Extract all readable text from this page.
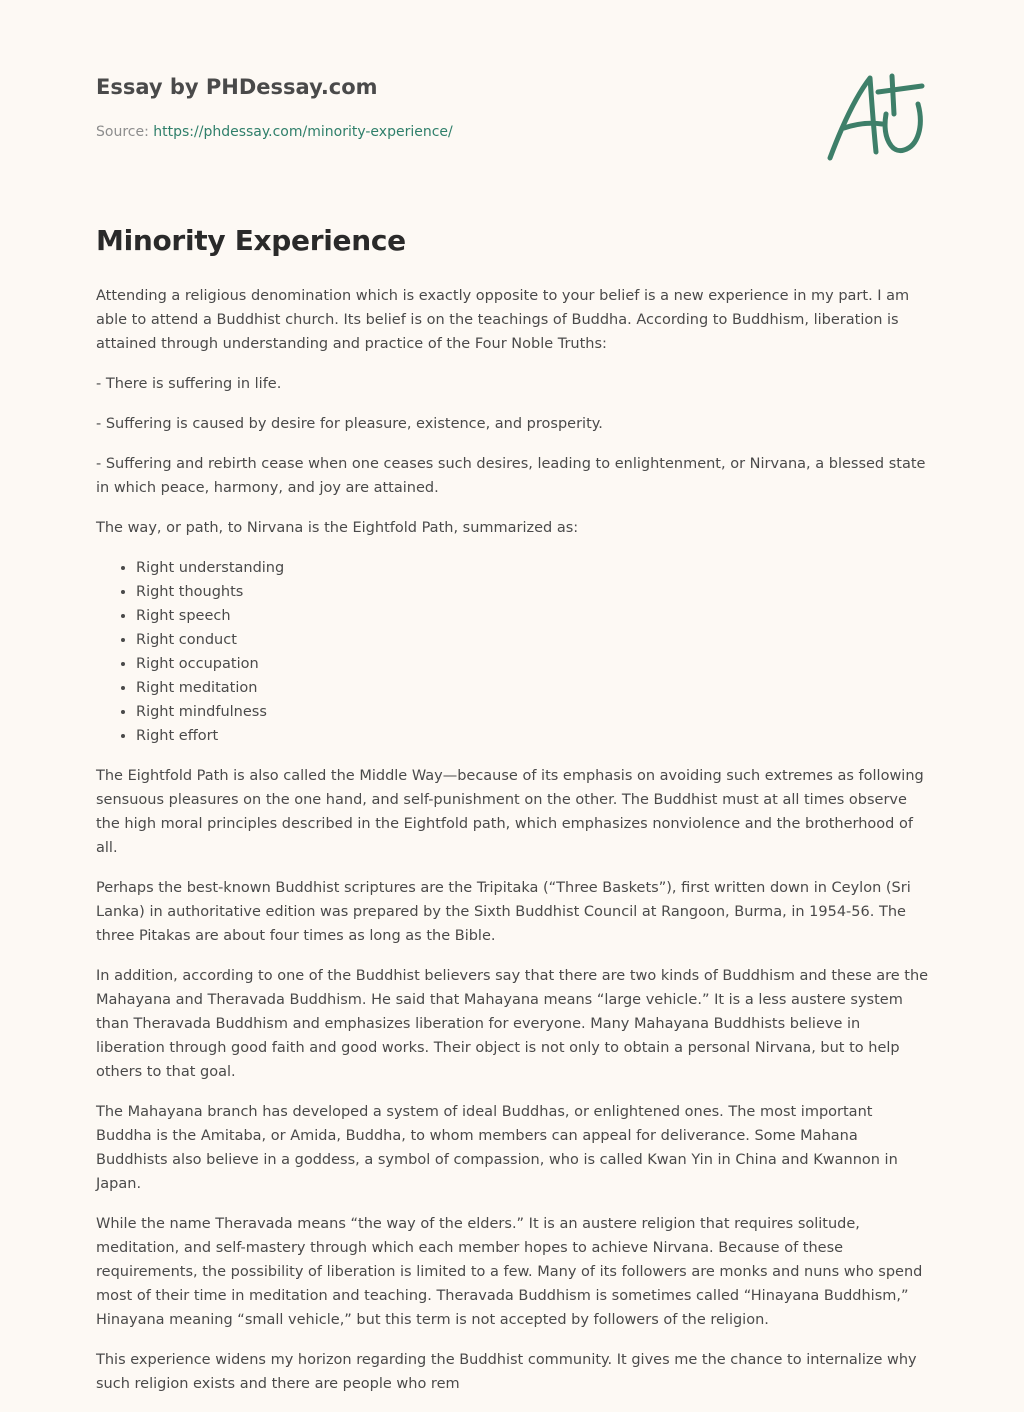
Essay by PHDessay.com
Source: https://phdessay.com/minority-experience/
Minority Experience

Attending a religious denomination which is exactly opposite to your belief is a new experience in my part. I am able to attend a Buddhist church. Its belief is on the teachings of Buddha. According to Buddhism, liberation is attained through understanding and practice of the Four Noble Truths:

- There is suffering in life.

- Suffering is caused by desire for pleasure, existence, and prosperity.

- Suffering and rebirth cease when one ceases such desires, leading to enlightenment, or Nirvana, a blessed state in which peace, harmony, and joy are attained.

The way, or path, to Nirvana is the Eightfold Path, summarized as:

• Right understanding
• Right thoughts
• Right speech
• Right conduct
• Right occupation
• Right meditation
• Right mindfulness
• Right effort

The Eightfold Path is also called the Middle Way—because of its emphasis on avoiding such extremes as following sensuous pleasures on the one hand, and self-punishment on the other. The Buddhist must at all times observe the high moral principles described in the Eightfold path, which emphasizes nonviolence and the brotherhood of all.

Perhaps the best-known Buddhist scriptures are the Tripitaka (“Three Baskets”), first written down in Ceylon (Sri Lanka) in authoritative edition was prepared by the Sixth Buddhist Council at Rangoon, Burma, in 1954-56. The three Pitakas are about four times as long as the Bible.

In addition, according to one of the Buddhist believers say that there are two kinds of Buddhism and these are the Mahayana and Theravada Buddhism. He said that Mahayana means “large vehicle.” It is a less austere system than Theravada Buddhism and emphasizes liberation for everyone. Many Mahayana Buddhists believe in liberation through good faith and good works. Their object is not only to obtain a personal Nirvana, but to help others to that goal.

The Mahayana branch has developed a system of ideal Buddhas, or enlightened ones. The most important Buddha is the Amitaba, or Amida, Buddha, to whom members can appeal for deliverance. Some Mahana Buddhists also believe in a goddess, a symbol of compassion, who is called Kwan Yin in China and Kwannon in Japan.

While the name Theravada means “the way of the elders.” It is an austere religion that requires solitude, meditation, and self-mastery through which each member hopes to achieve Nirvana. Because of these requirements, the possibility of liberation is limited to a few. Many of its followers are monks and nuns who spend most of their time in meditation and teaching. Theravada Buddhism is sometimes called “Hinayana Buddhism,” Hinayana meaning “small vehicle,” but this term is not accepted by followers of the religion.

This experience widens my horizon regarding the Buddhist community. It gives me the chance to internalize why such religion exists and there are people who rem
